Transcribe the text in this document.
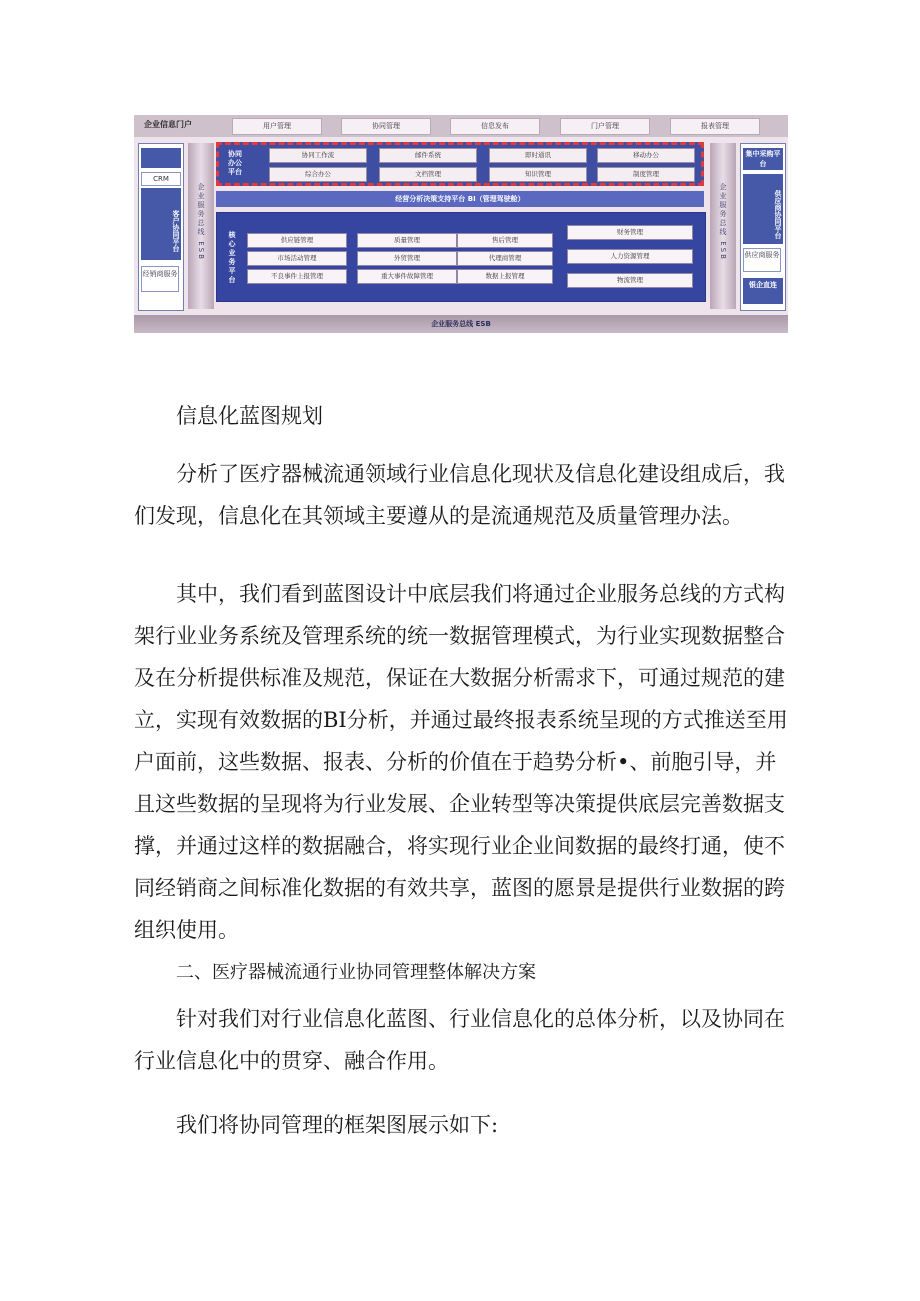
企业信息门户	用户管理	协同管理	信息发布	门户管理	报表管理
CRM
客户协同平台
经销商服务
企业服务总线 ESB
协同办公平台
协同工作流	邮件系统	即时通讯	移动办公
综合办公	文档管理	知识管理	制度管理
经营分析决策支持平台 BI（管理驾驶舱）
核心业务平台	供应链管理	质量管理	售后管理
市场活动管理	外贸管理	代理商管理
不良事件上报管理	重大事件故障管理	数据上报管理
财务管理
人力资源管理
物流管理
企业服务总线 ESB
集中采购平台
供应商协同平台
供应商服务
银企直连
企业服务总线 ESB
信息化蓝图规划

分析了医疗器械流通领域行业信息化现状及信息化建设组成后，我们发现，信息化在其领域主要遵从的是流通规范及质量管理办法。

其中，我们看到蓝图设计中底层我们将通过企业服务总线的方式构架行业业务系统及管理系统的统一数据管理模式，为行业实现数据整合及在分析提供标准及规范，保证在大数据分析需求下，可通过规范的建立，实现有效数据的BI分析，并通过最终报表系统呈现的方式推送至用户面前，这些数据、报表、分析的价值在于趋势分析•、前胞引导，并且这些数据的呈现将为行业发展、企业转型等决策提供底层完善数据支撑，并通过这样的数据融合，将实现行业企业间数据的最终打通，使不同经销商之间标准化数据的有效共享，蓝图的愿景是提供行业数据的跨组织使用。

二、医疗器械流通行业协同管理整体解决方案

针对我们对行业信息化蓝图、行业信息化的总体分析，以及协同在行业信息化中的贯穿、融合作用。

我们将协同管理的框架图展示如下:
